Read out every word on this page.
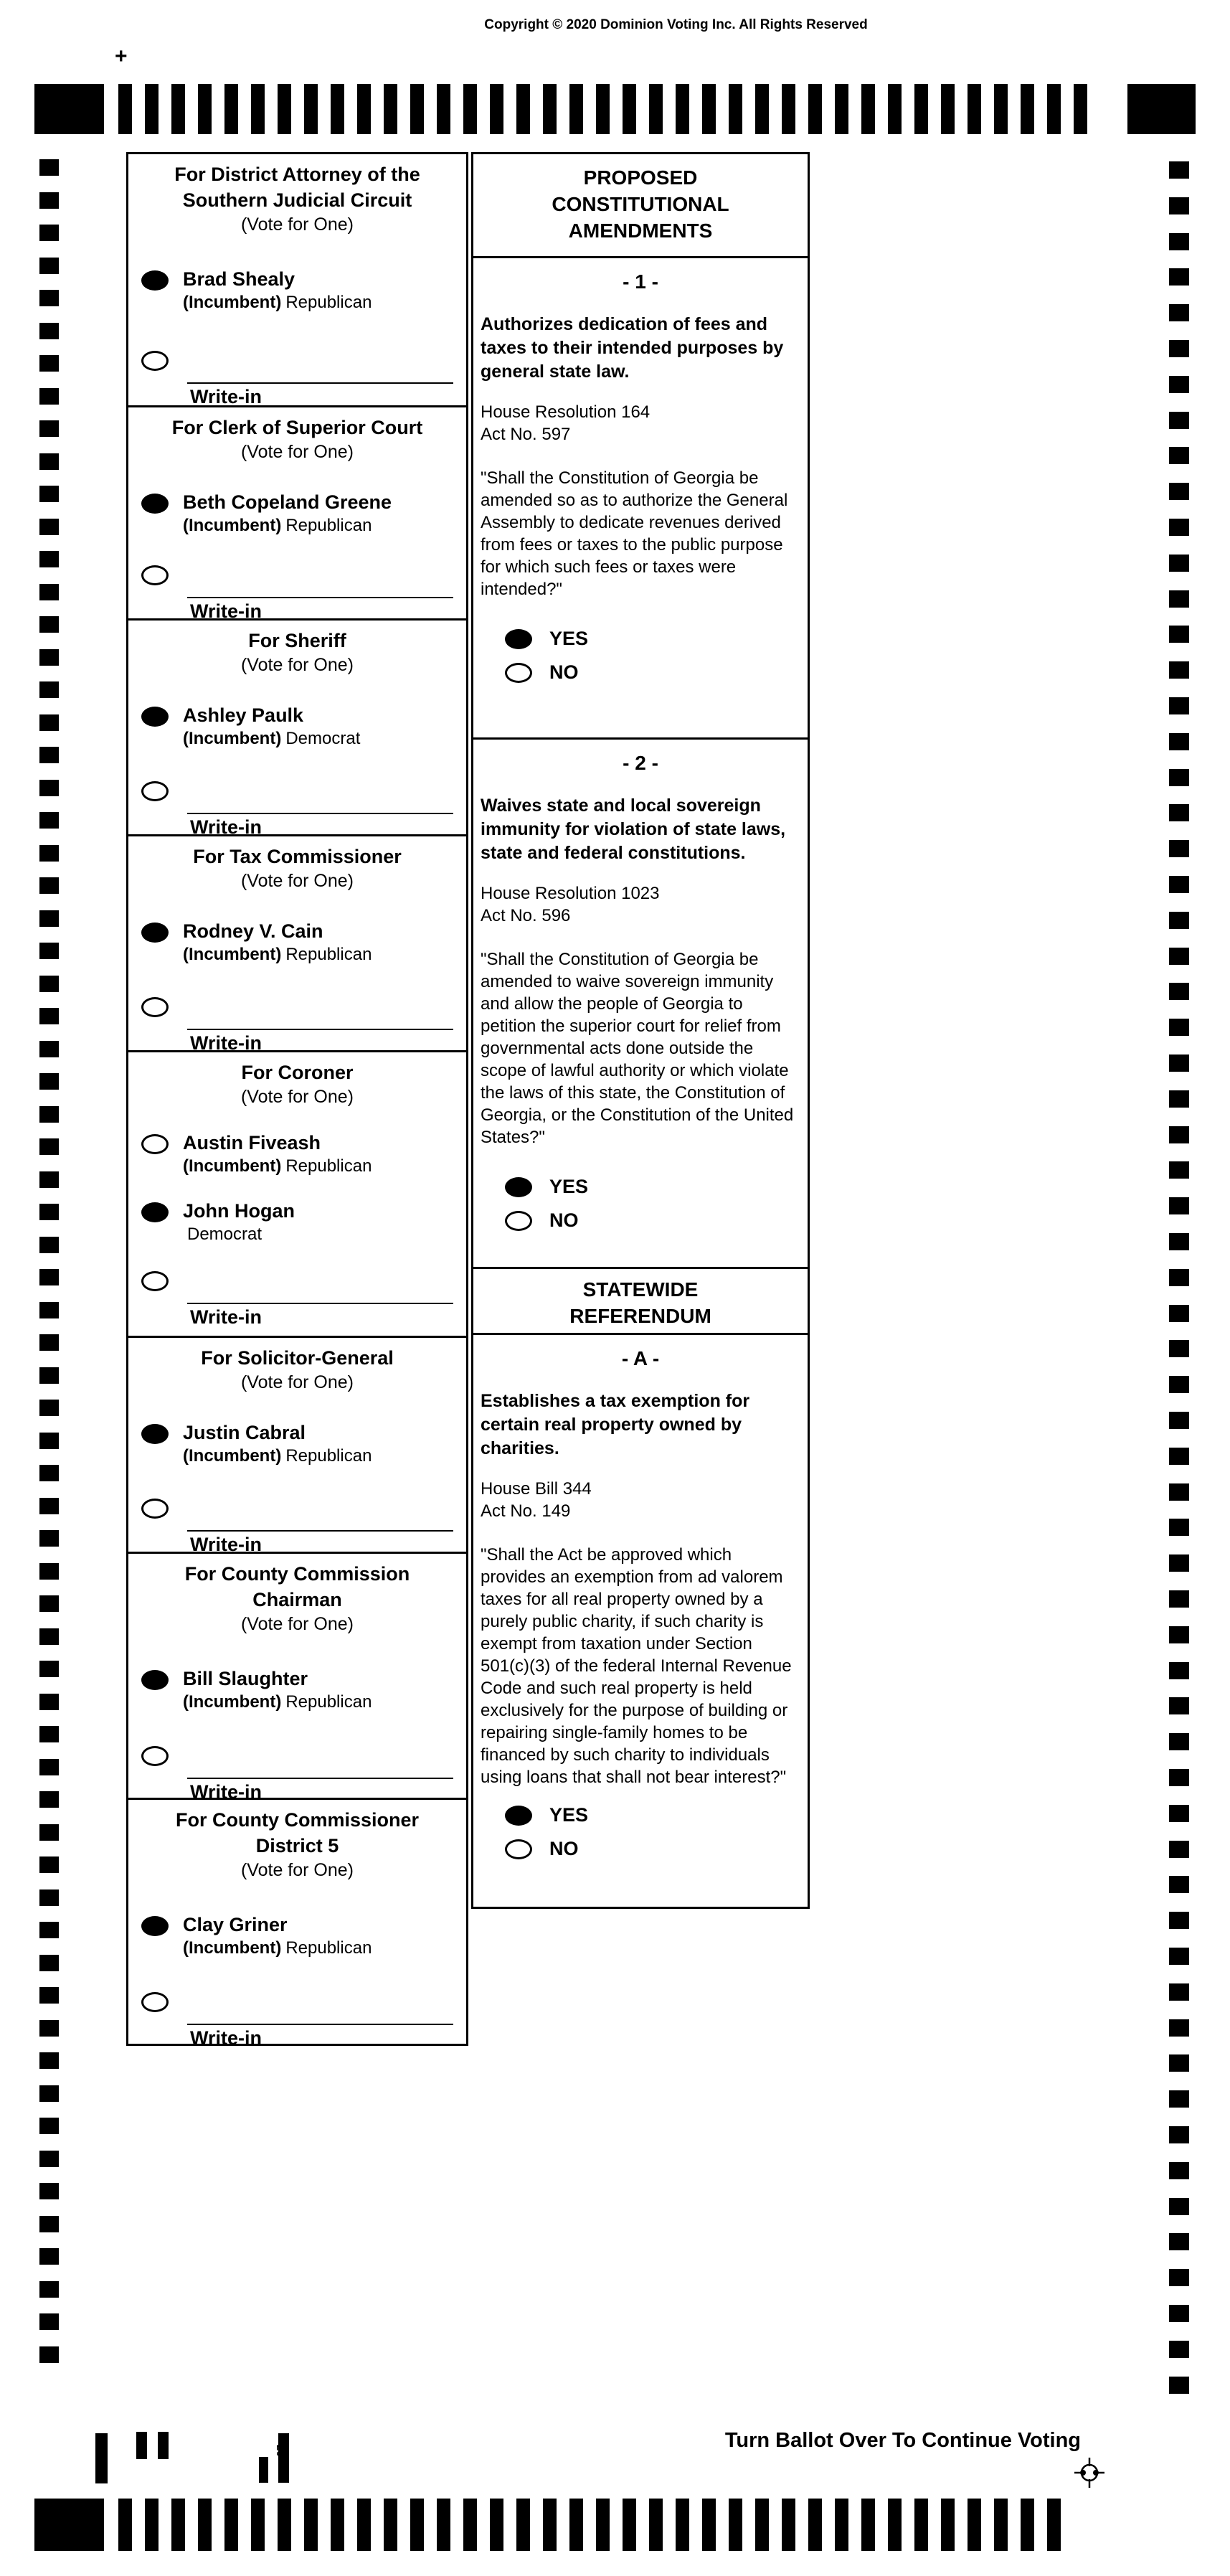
Copyright © 2020 Dominion Voting Inc. All Rights Reserved
+
For District Attorney of the
Southern Judicial Circuit
(Vote for One)
Brad Shealy
(Incumbent) Republican
Write-in
For Clerk of Superior Court
(Vote for One)
Beth Copeland Greene
(Incumbent) Republican
Write-in
For Sheriff
(Vote for One)
Ashley Paulk
(Incumbent) Democrat
Write-in
For Tax Commissioner
(Vote for One)
Rodney V. Cain
(Incumbent) Republican
Write-in
For Coroner
(Vote for One)
Austin Fiveash
(Incumbent) Republican
John Hogan
Democrat
Write-in
For Solicitor-General
(Vote for One)
Justin Cabral
(Incumbent) Republican
Write-in
For County Commission
Chairman
(Vote for One)
Bill Slaughter
(Incumbent) Republican
Write-in
For County Commissioner
District 5
(Vote for One)
Clay Griner
(Incumbent) Republican
Write-in
PROPOSED
CONSTITUTIONAL
AMENDMENTS
- 1 -
Authorizes dedication of fees and taxes to their intended purposes by general state law.
House Resolution 164
Act No. 597
"Shall the Constitution of Georgia be amended so as to authorize the General Assembly to dedicate revenues derived from fees or taxes to the public purpose for which such fees or taxes were intended?"
YES
NO
- 2 -
Waives state and local sovereign immunity for violation of state laws, state and federal constitutions.
House Resolution 1023
Act No. 596
"Shall the Constitution of Georgia be amended to waive sovereign immunity and allow the people of Georgia to petition the superior court for relief from governmental acts done outside the scope of lawful authority or which violate the laws of this state, the Constitution of Georgia, or the Constitution of the United States?"
YES
NO
STATEWIDE
REFERENDUM
- A -
Establishes a tax exemption for certain real property owned by charities.
House Bill 344
Act No. 149
"Shall the Act be approved which provides an exemption from ad valorem taxes for all real property owned by a purely public charity, if such charity is exempt from taxation under Section 501(c)(3) of the federal Internal Revenue Code and such real property is held exclusively for the purpose of building or repairing single-family homes to be financed by such charity to individuals using loans that shall not bear interest?"
YES
NO
20	Turn Ballot Over To Continue Voting
